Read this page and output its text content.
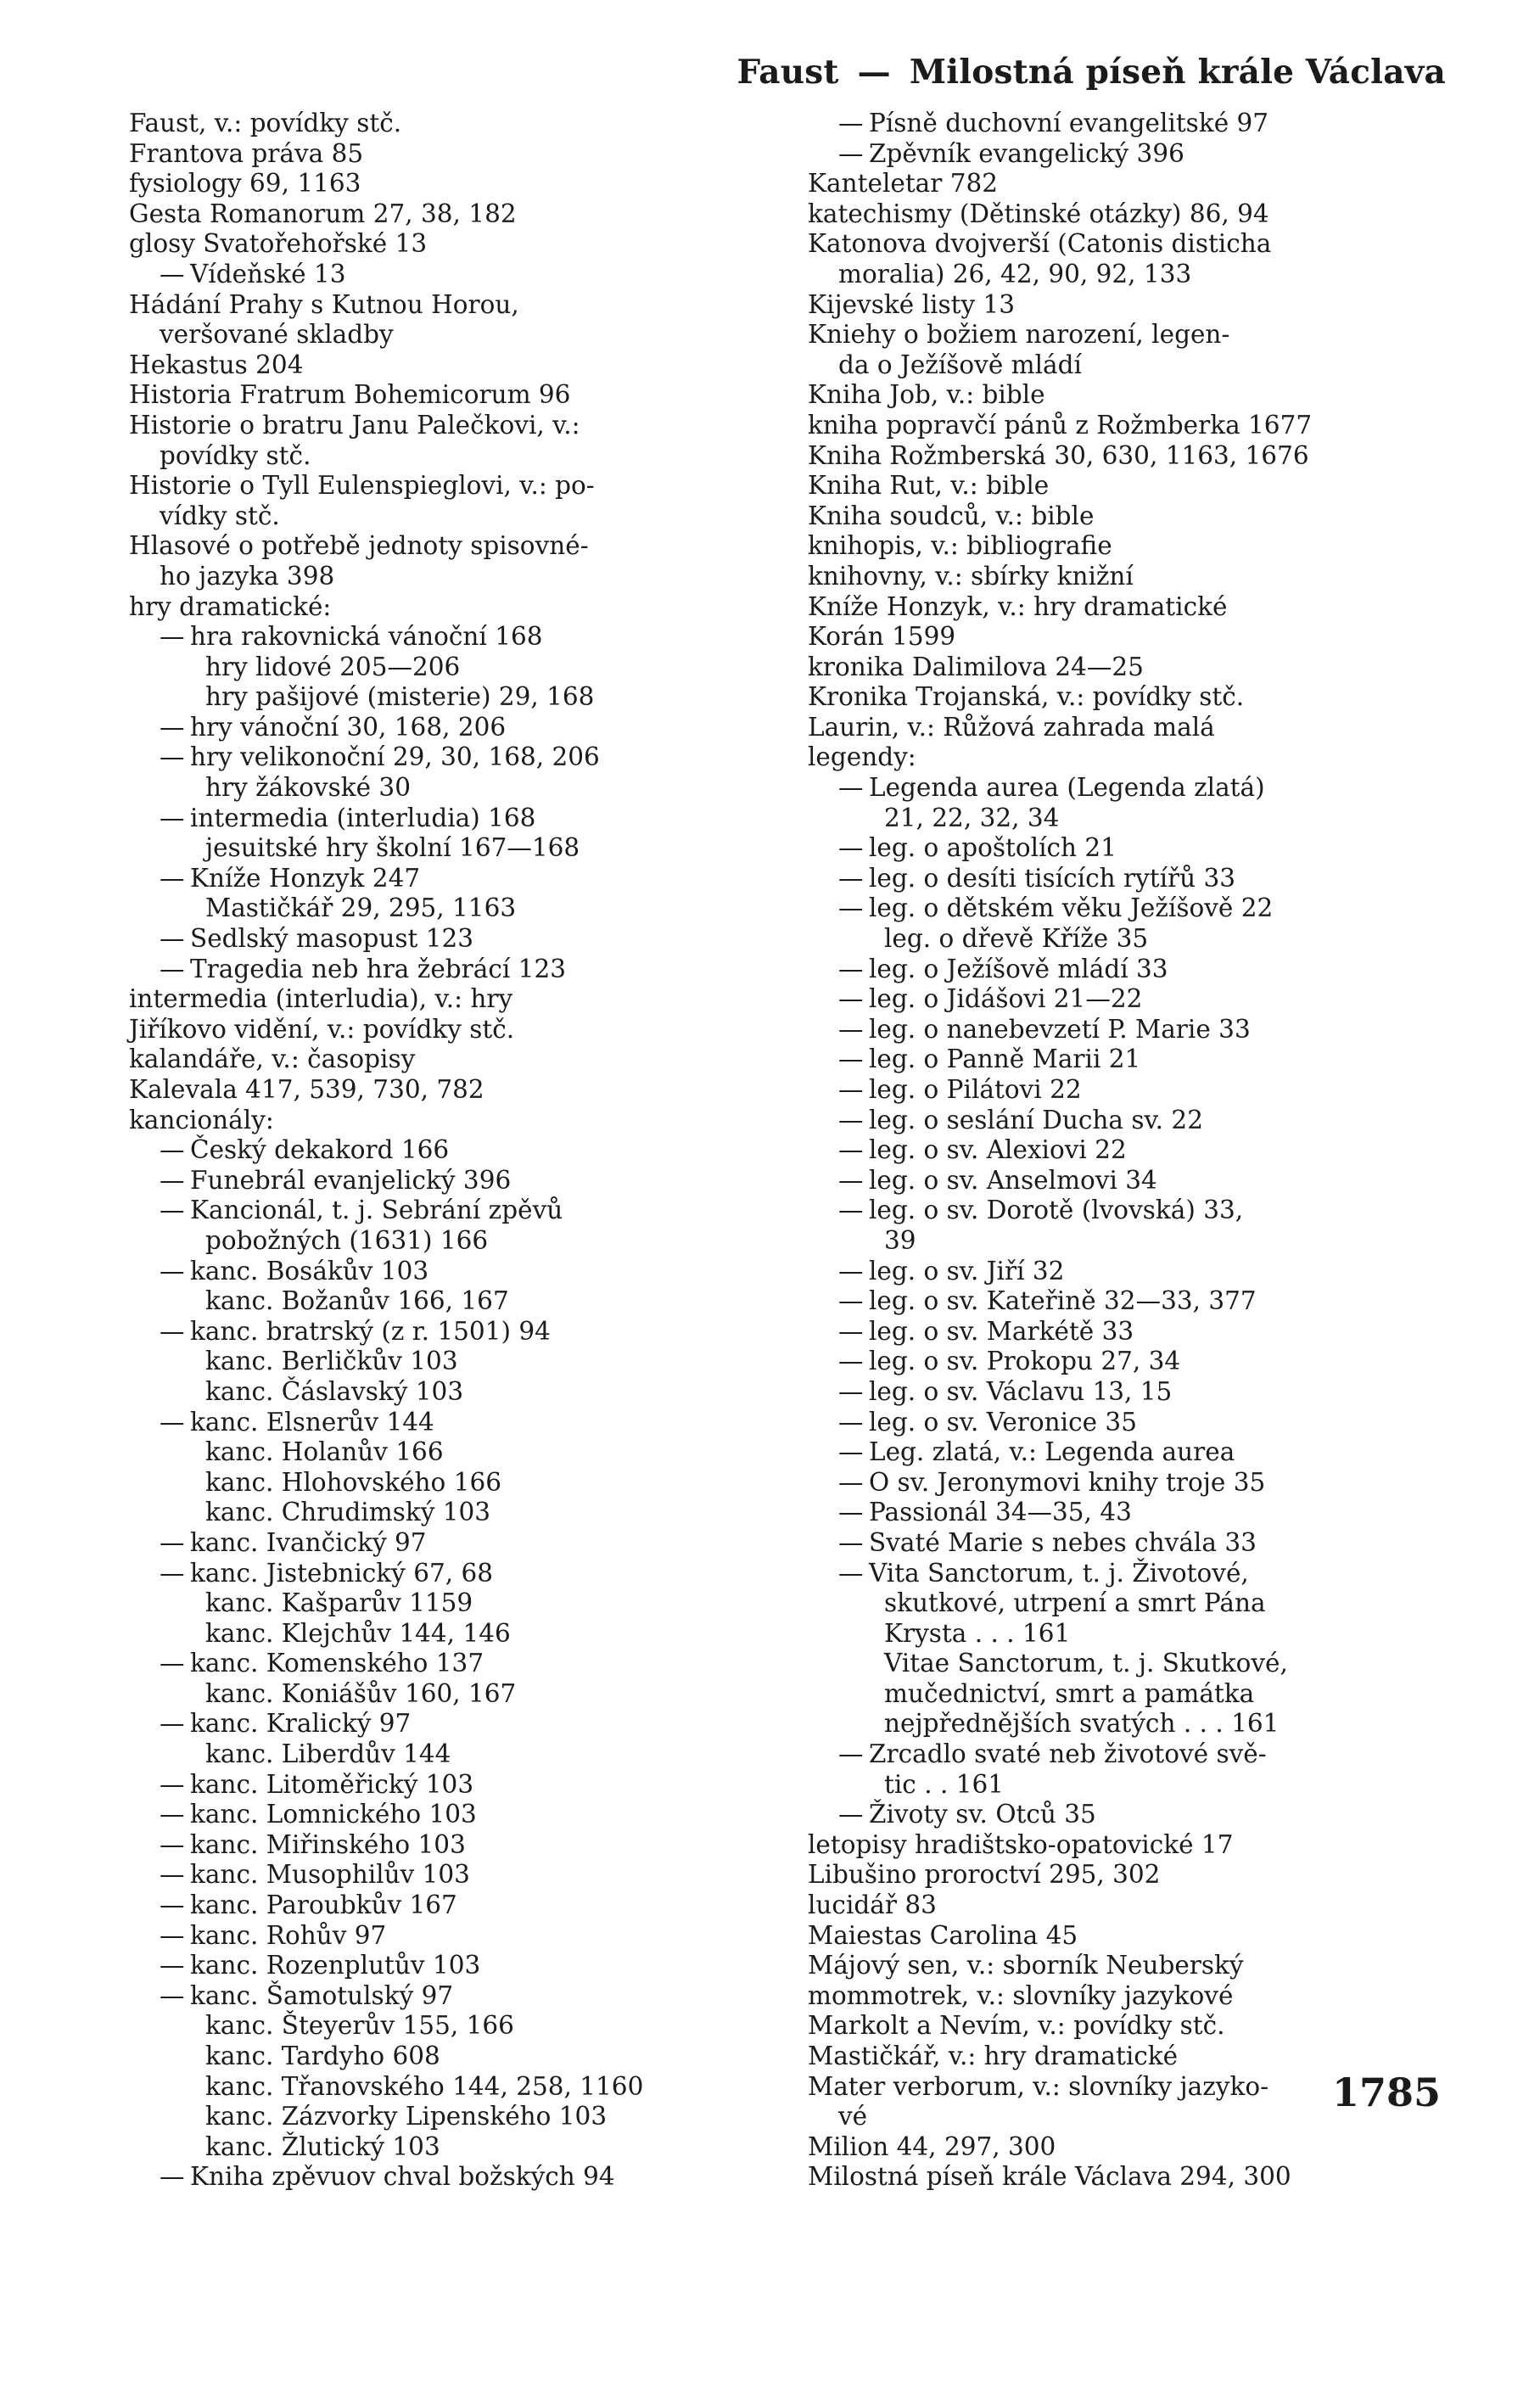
Faust — Milostná píseň krále Václava
Faust, v.: povídky stč.
Frantova práva 85
fysiology 69, 1163
Gesta Romanorum 27, 38, 182
glosy Svatořehořské 13
— Vídeňské 13
Hádání Prahy s Kutnou Horou,
veršované skladby
Hekastus 204
Historia Fratrum Bohemicorum 96
Historie o bratru Janu Palečkovi, v.:
povídky stč.
Historie o Tyll Eulenspieglovi, v.: po-
vídky stč.
Hlasové o potřebě jednoty spisovné-
ho jazyka 398
hry dramatické:
— hra rakovnická vánoční 168
hry lidové 205—206
hry pašijové (misterie) 29, 168
— hry vánoční 30, 168, 206
— hry velikonoční 29, 30, 168, 206
hry žákovské 30
— intermedia (interludia) 168
jesuitské hry školní 167—168
— Kníže Honzyk 247
Mastičkář 29, 295, 1163
— Sedlský masopust 123
— Tragedia neb hra žebrácí 123
intermedia (interludia), v.: hry
Jiříkovo vidění, v.: povídky stč.
kalandáře, v.: časopisy
Kalevala 417, 539, 730, 782
kancionály:
— Český dekakord 166
— Funebrál evanjelický 396
— Kancionál, t. j. Sebrání zpěvů
pobožných (1631) 166
— kanc. Bosákův 103
kanc. Božanův 166, 167
— kanc. bratrský (z r. 1501) 94
kanc. Berličkův 103
kanc. Čáslavský 103
— kanc. Elsnerův 144
kanc. Holanův 166
kanc. Hlohovského 166
kanc. Chrudimský 103
— kanc. Ivančický 97
— kanc. Jistebnický 67, 68
kanc. Kašparův 1159
kanc. Klejchův 144, 146
— kanc. Komenského 137
kanc. Koniášův 160, 167
— kanc. Kralický 97
kanc. Liberdův 144
— kanc. Litoměřický 103
— kanc. Lomnického 103
— kanc. Miřinského 103
— kanc. Musophilův 103
— kanc. Paroubkův 167
— kanc. Rohův 97
— kanc. Rozenplutův 103
— kanc. Šamotulský 97
kanc. Šteyerův 155, 166
kanc. Tardyho 608
kanc. Třanovského 144, 258, 1160
kanc. Zázvorky Lipenského 103
kanc. Žlutický 103
— Kniha zpěvuov chval božských 94
— Písně duchovní evangelitské 97
— Zpěvník evangelický 396
Kanteletar 782
katechismy (Dětinské otázky) 86, 94
Katonova dvojverší (Catonis disticha
moralia) 26, 42, 90, 92, 133
Kijevské listy 13
Kniehy o božiem narození, legen-
da o Ježíšově mládí
Kniha Job, v.: bible
kniha popravčí pánů z Rožmberka 1677
Kniha Rožmberská 30, 630, 1163, 1676
Kniha Rut, v.: bible
Kniha soudců, v.: bible
knihopis, v.: bibliografie
knihovny, v.: sbírky knižní
Kníže Honzyk, v.: hry dramatické
Korán 1599
kronika Dalimilova 24—25
Kronika Trojanská, v.: povídky stč.
Laurin, v.: Růžová zahrada malá
legendy:
— Legenda aurea (Legenda zlatá)
21, 22, 32, 34
— leg. o apoštolích 21
— leg. o desíti tisících rytířů 33
— leg. o dětském věku Ježíšově 22
leg. o dřevě Kříže 35
— leg. o Ježíšově mládí 33
— leg. o Jidášovi 21—22
— leg. o nanebevzetí P. Marie 33
— leg. o Panně Marii 21
— leg. o Pilátovi 22
— leg. o seslání Ducha sv. 22
— leg. o sv. Alexiovi 22
— leg. o sv. Anselmovi 34
— leg. o sv. Dorotě (lvovská) 33,
39
— leg. o sv. Jiří 32
— leg. o sv. Kateřině 32—33, 377
— leg. o sv. Markétě 33
— leg. o sv. Prokopu 27, 34
— leg. o sv. Václavu 13, 15
— leg. o sv. Veronice 35
— Leg. zlatá, v.: Legenda aurea
— O sv. Jeronymovi knihy troje 35
— Passionál 34—35, 43
— Svaté Marie s nebes chvála 33
— Vita Sanctorum, t. j. Životové,
skutkové, utrpení a smrt Pána
Krysta . . . 161
Vitae Sanctorum, t. j. Skutkové,
mučednictví, smrt a památka
nejpřednějších svatých . . . 161
— Zrcadlo svaté neb životové svě-
tic . . 161
— Životy sv. Otců 35
letopisy hradištsko-opatovické 17
Libušino proroctví 295, 302
lucidář 83
Maiestas Carolina 45
Májový sen, v.: sborník Neuberský
mommotrek, v.: slovníky jazykové
Markolt a Nevím, v.: povídky stč.
Mastičkář, v.: hry dramatické
Mater verborum, v.: slovníky jazyko-
vé
Milion 44, 297, 300
Milostná píseň krále Václava 294, 300
1785
